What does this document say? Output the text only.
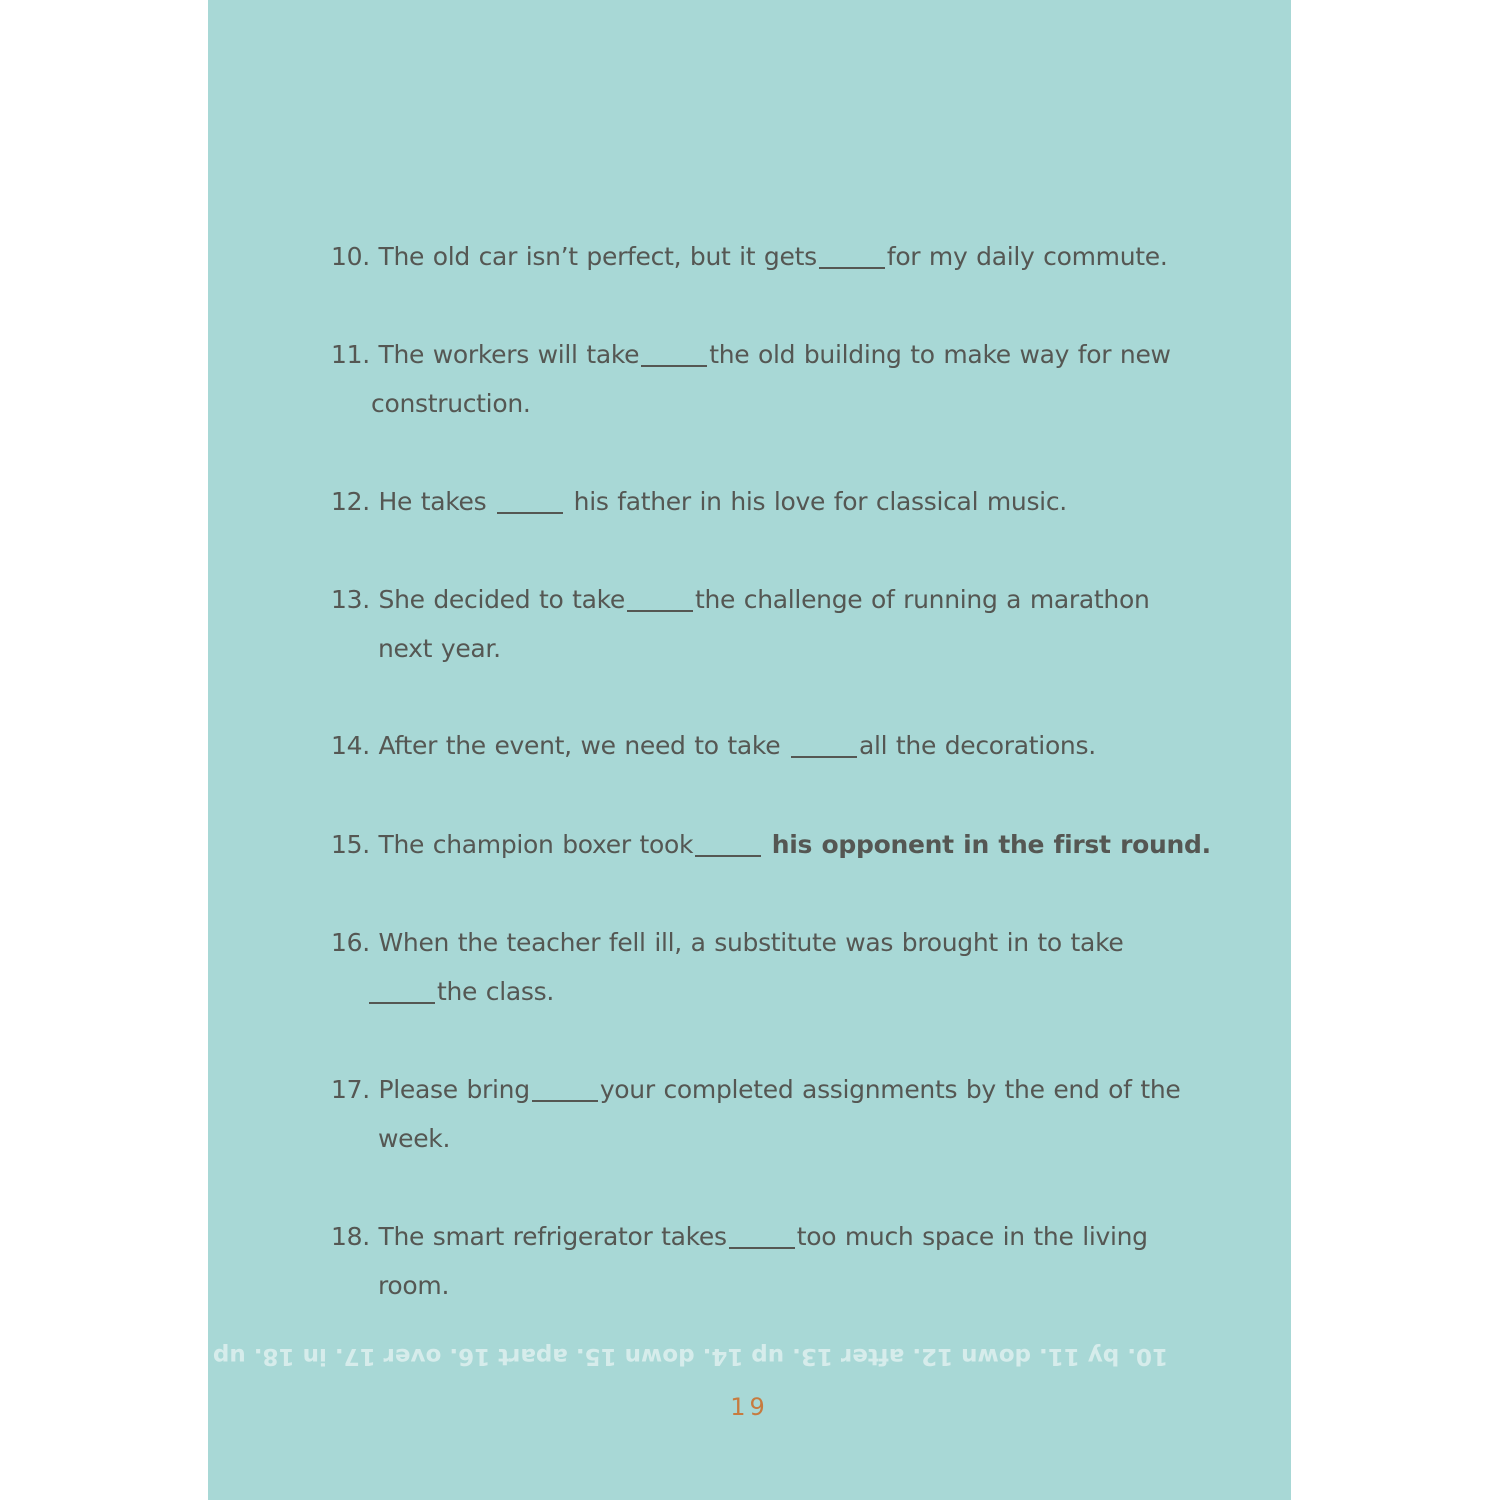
10. The old car isn’t perfect, but it gets	for my daily commute.
11. The workers will take	the old building to make way for new
construction.
12. He takes	his father in his love for classical music.
13. She decided to take	the challenge of running a marathon
next year.
14. After the event, we need to take	all the decorations.
15. The champion boxer took	his opponent in the first round.
16. When the teacher fell ill, a substitute was brought in to take
the class.
17. Please bring	your completed assignments by the end of the
week.
18. The smart refrigerator takes	too much space in the living
room.
10. by 11. down 12. after 13. up 14. down 15. apart 16. over 17. in 18. up
19
